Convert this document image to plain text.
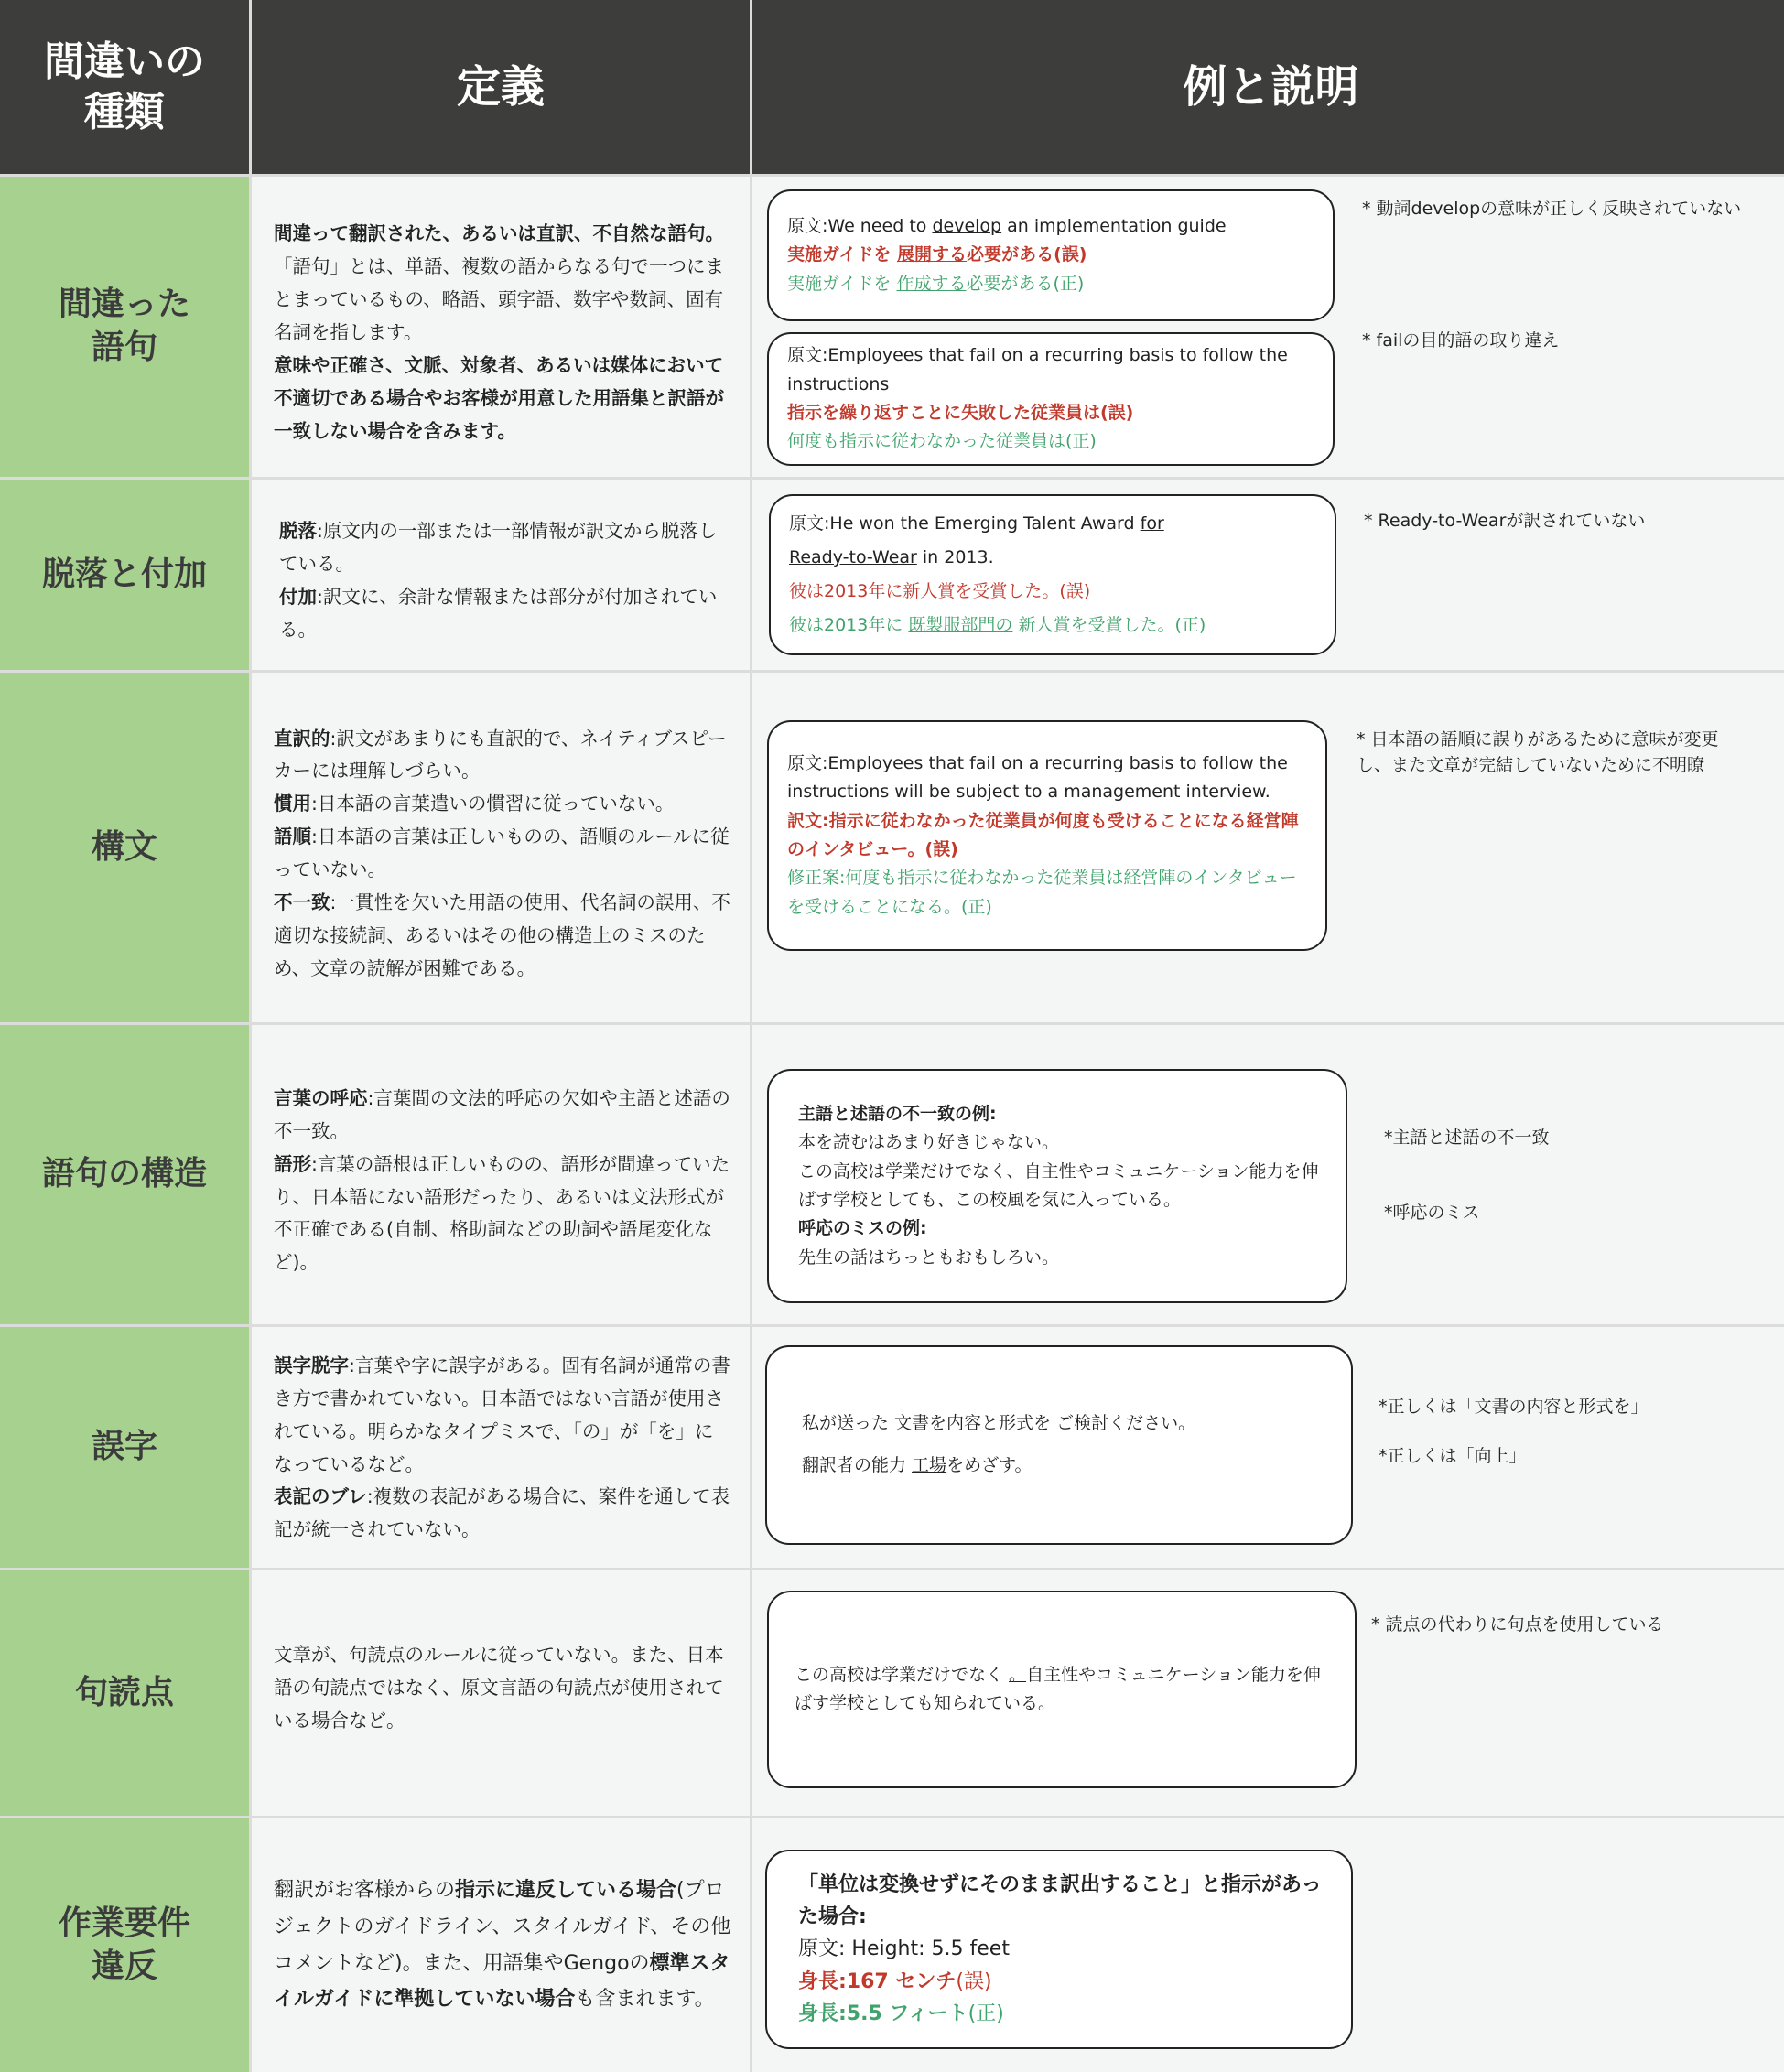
間違いの
種類	定義	例と説明
間違った
語句

間違って翻訳された、あるいは直訳、不自然な語句。「語句」とは、単語、複数の語からなる句で一つにまとまっているもの、略語、頭字語、数字や数詞、固有名詞を指します。

意味や正確さ、文脈、対象者、あるいは媒体において不適切である場合やお客様が用意した用語集と訳語が一致しない場合を含みます。

原文:We need to develop an implementation guide
実施ガイドを 展開する必要がある(誤)
実施ガイドを 作成する必要がある(正)
原文:Employees that fail on a recurring basis to follow the instructions
指示を繰り返すことに失敗した従業員は(誤)
何度も指示に従わなかった従業員は(正)
* 動詞developの意味が正しく反映されていない
* failの目的語の取り違え
脱落と付加

脱落:原文内の一部または一部情報が訳文から脱落している。

付加:訳文に、余計な情報または部分が付加されている。

原文:He won the Emerging Talent Award for
Ready-to-Wear in 2013.
彼は2013年に新人賞を受賞した。(誤)
彼は2013年に 既製服部門の 新人賞を受賞した。(正)
* Ready-to-Wearが訳されていない
構文

直訳的:訳文があまりにも直訳的で、ネイティブスピーカーには理解しづらい。

慣用:日本語の言葉遣いの慣習に従っていない。

語順:日本語の言葉は正しいものの、語順のルールに従っていない。

不一致:一貫性を欠いた用語の使用、代名詞の誤用、不適切な接続詞、あるいはその他の構造上のミスのため、文章の読解が困難である。

原文:Employees that fail on a recurring basis to follow the instructions will be subject to a management interview.
訳文:指示に従わなかった従業員が何度も受けることになる経営陣のインタビュー。(誤)
修正案:何度も指示に従わなかった従業員は経営陣のインタビューを受けることになる。(正)
* 日本語の語順に誤りがあるために意味が変更し、また文章が完結していないために不明瞭
語句の構造

言葉の呼応:言葉間の文法的呼応の欠如や主語と述語の不一致。

語形:言葉の語根は正しいものの、語形が間違っていたり、日本語にない語形だったり、あるいは文法形式が不正確である(自制、格助詞などの助詞や語尾変化など)。

主語と述語の不一致の例:
本を読むはあまり好きじゃない。
この高校は学業だけでなく、自主性やコミュニケーション能力を伸ばす学校としても、この校風を気に入っている。
呼応のミスの例:
先生の話はちっともおもしろい。
*主語と述語の不一致
*呼応のミス
誤字

誤字脱字:言葉や字に誤字がある。固有名詞が通常の書き方で書かれていない。日本語ではない言語が使用されている。明らかなタイプミスで、「の」が「を」になっているなど。

表記のブレ:複数の表記がある場合に、案件を通して表記が統一されていない。

私が送った 文書を内容と形式を ご検討ください。
翻訳者の能力 工場をめざす。
*正しくは「文書の内容と形式を」
*正しくは「向上」
句読点

文章が、句読点のルールに従っていない。また、日本語の句読点ではなく、原文言語の句読点が使用されている場合など。

この高校は学業だけでなく 。自主性やコミュニケーション能力を伸ばす学校としても知られている。
* 読点の代わりに句点を使用している
作業要件
違反

翻訳がお客様からの指示に違反している場合(プロジェクトのガイドライン、スタイルガイド、その他コメントなど)。また、用語集やGengoの標準スタイルガイドに準拠していない場合も含まれます。

「単位は変換せずにそのまま訳出すること」と指示があった場合:
原文: Height: 5.5 feet
身長:167 センチ(誤)
身長:5.5 フィート(正)
